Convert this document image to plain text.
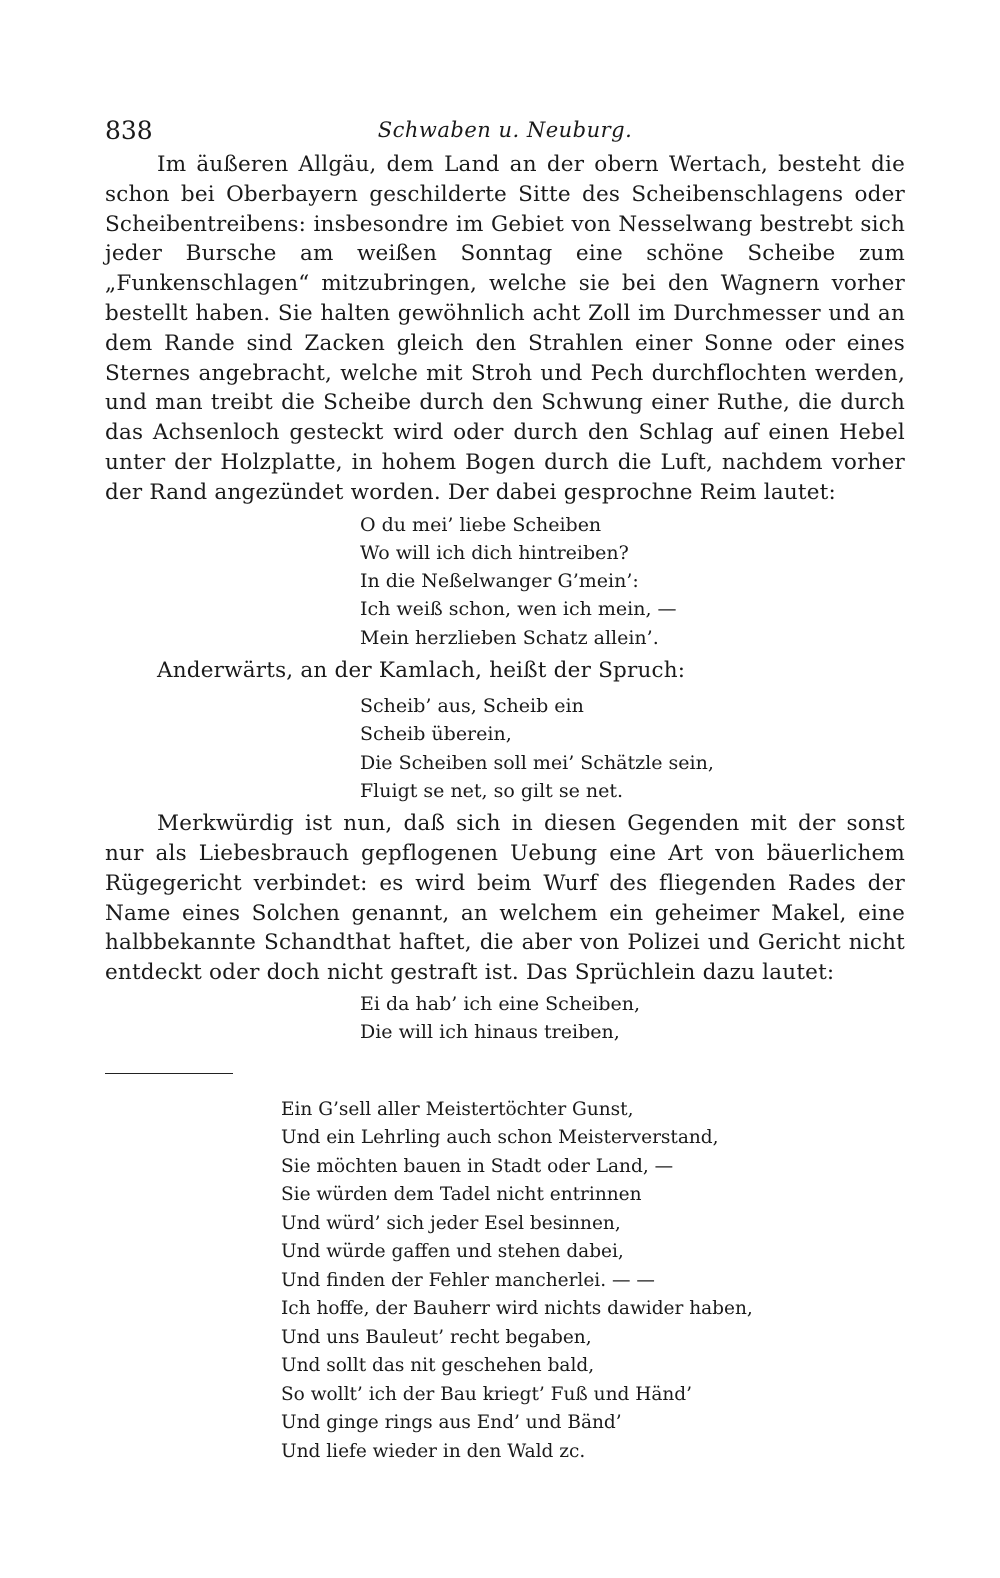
838	Schwaben u. Neuburg.

Im äußeren Allgäu, dem Land an der obern Wertach, besteht die schon bei Oberbayern geschilderte Sitte des Scheibenschlagens oder Scheibentreibens: insbesondre im Gebiet von Nesselwang bestrebt sich jeder Bursche am weißen Sonntag eine schöne Scheibe zum „Funkenschlagen“ mitzubringen, welche sie bei den Wagnern vorher bestellt haben. Sie halten gewöhnlich acht Zoll im Durchmesser und an dem Rande sind Zacken gleich den Strahlen einer Sonne oder eines Sternes angebracht, welche mit Stroh und Pech durchflochten werden, und man treibt die Scheibe durch den Schwung einer Ruthe, die durch das Achsenloch gesteckt wird oder durch den Schlag auf einen Hebel unter der Holzplatte, in hohem Bogen durch die Luft, nachdem vorher der Rand angezündet worden. Der dabei gesprochne Reim lautet:

O du mei’ liebe Scheiben
Wo will ich dich hintreiben?
In die Neßelwanger G’mein’:
Ich weiß schon, wen ich mein, —
Mein herzlieben Schatz allein’.

Anderwärts, an der Kamlach, heißt der Spruch:

Scheib’ aus, Scheib ein
Scheib überein,
Die Scheiben soll mei’ Schätzle sein,
Fluigt se net, so gilt se net.

Merkwürdig ist nun, daß sich in diesen Gegenden mit der sonst nur als Liebesbrauch gepflogenen Uebung eine Art von bäuerlichem Rügegericht verbindet: es wird beim Wurf des fliegenden Rades der Name eines Solchen genannt, an welchem ein geheimer Makel, eine halbbekannte Schandthat haftet, die aber von Polizei und Gericht nicht entdeckt oder doch nicht gestraft ist. Das Sprüchlein dazu lautet:

Ei da hab’ ich eine Scheiben,
Die will ich hinaus treiben,
Ein G’sell aller Meistertöchter Gunst,
Und ein Lehrling auch schon Meisterverstand,
Sie möchten bauen in Stadt oder Land, —
Sie würden dem Tadel nicht entrinnen
Und würd’ sich jeder Esel besinnen,
Und würde gaffen und stehen dabei,
Und finden der Fehler mancherlei. — —
Ich hoffe, der Bauherr wird nichts dawider haben,
Und uns Bauleut’ recht begaben,
Und sollt das nit geschehen bald,
So wollt’ ich der Bau kriegt’ Fuß und Händ’
Und ginge rings aus End’ und Bänd’
Und liefe wieder in den Wald zc.
